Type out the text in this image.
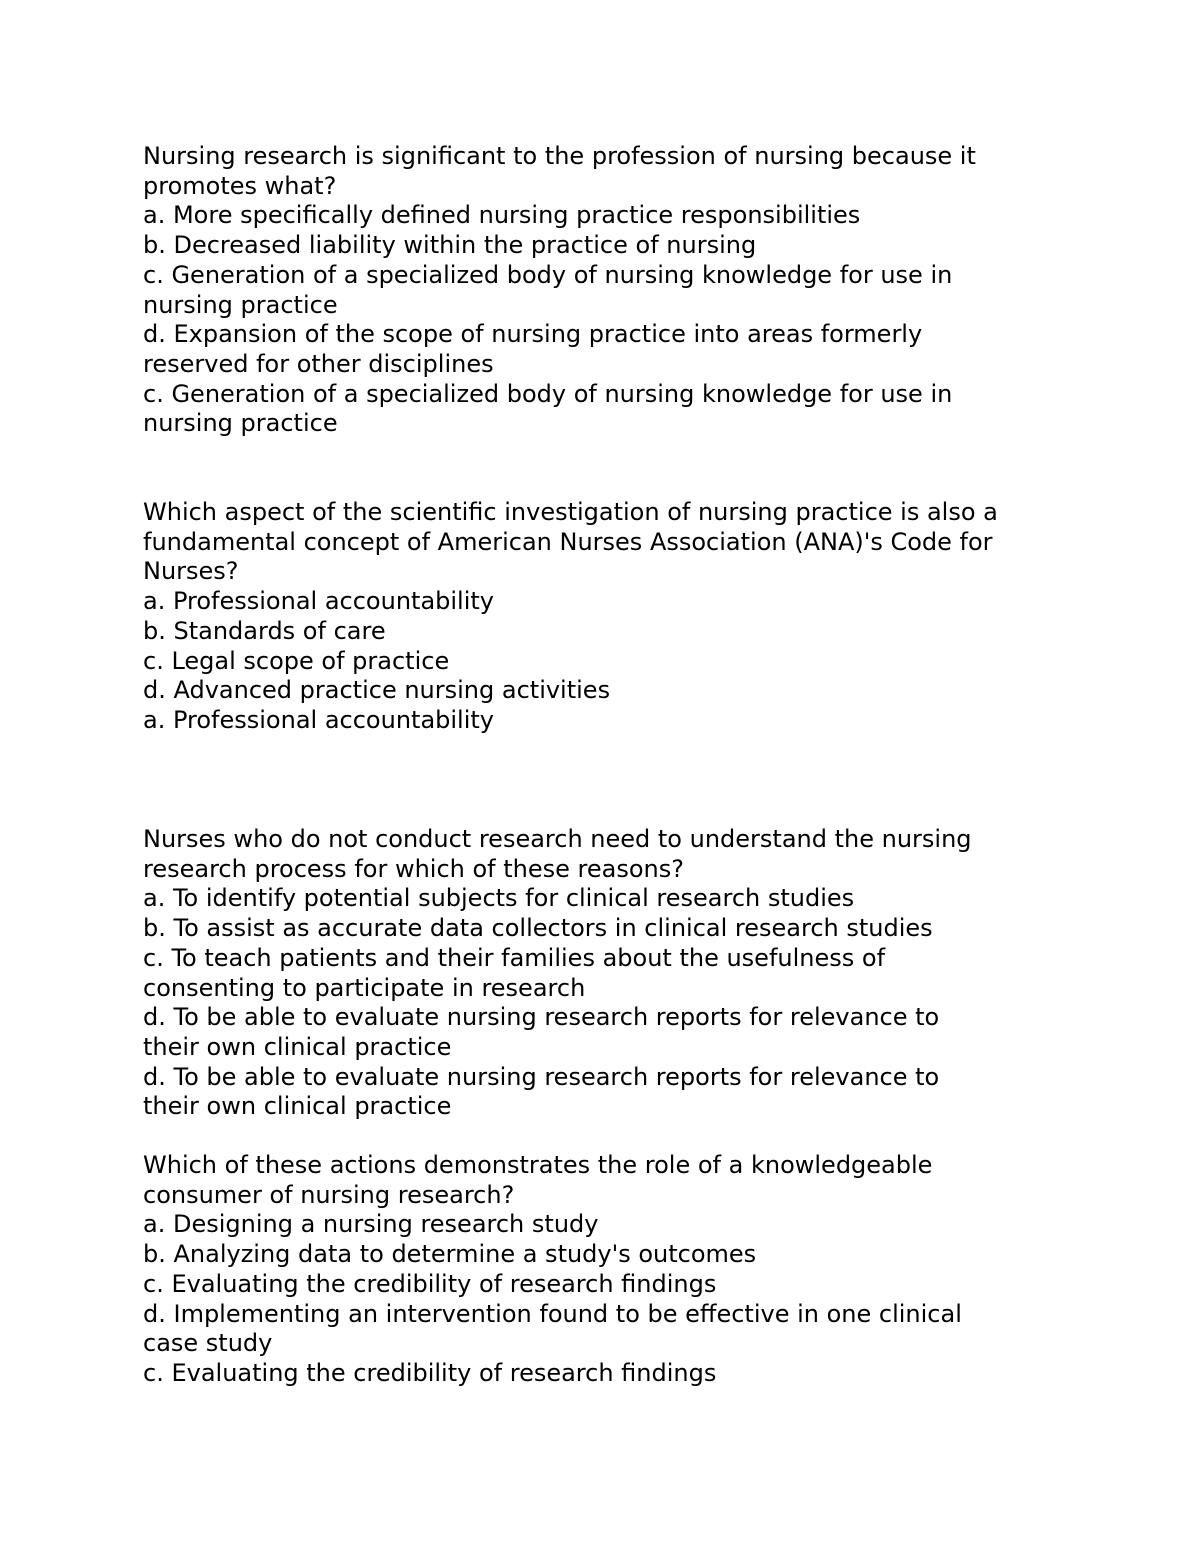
Nursing research is significant to the profession of nursing because it
promotes what?
a. More specifically defined nursing practice responsibilities
b. Decreased liability within the practice of nursing
c. Generation of a specialized body of nursing knowledge for use in
nursing practice
d. Expansion of the scope of nursing practice into areas formerly
reserved for other disciplines
c. Generation of a specialized body of nursing knowledge for use in
nursing practice
Which aspect of the scientific investigation of nursing practice is also a
fundamental concept of American Nurses Association (ANA)'s Code for
Nurses?
a. Professional accountability
b. Standards of care
c. Legal scope of practice
d. Advanced practice nursing activities
a. Professional accountability
Nurses who do not conduct research need to understand the nursing
research process for which of these reasons?
a. To identify potential subjects for clinical research studies
b. To assist as accurate data collectors in clinical research studies
c. To teach patients and their families about the usefulness of
consenting to participate in research
d. To be able to evaluate nursing research reports for relevance to
their own clinical practice
d. To be able to evaluate nursing research reports for relevance to
their own clinical practice
Which of these actions demonstrates the role of a knowledgeable
consumer of nursing research?
a. Designing a nursing research study
b. Analyzing data to determine a study's outcomes
c. Evaluating the credibility of research findings
d. Implementing an intervention found to be effective in one clinical
case study
c. Evaluating the credibility of research findings
